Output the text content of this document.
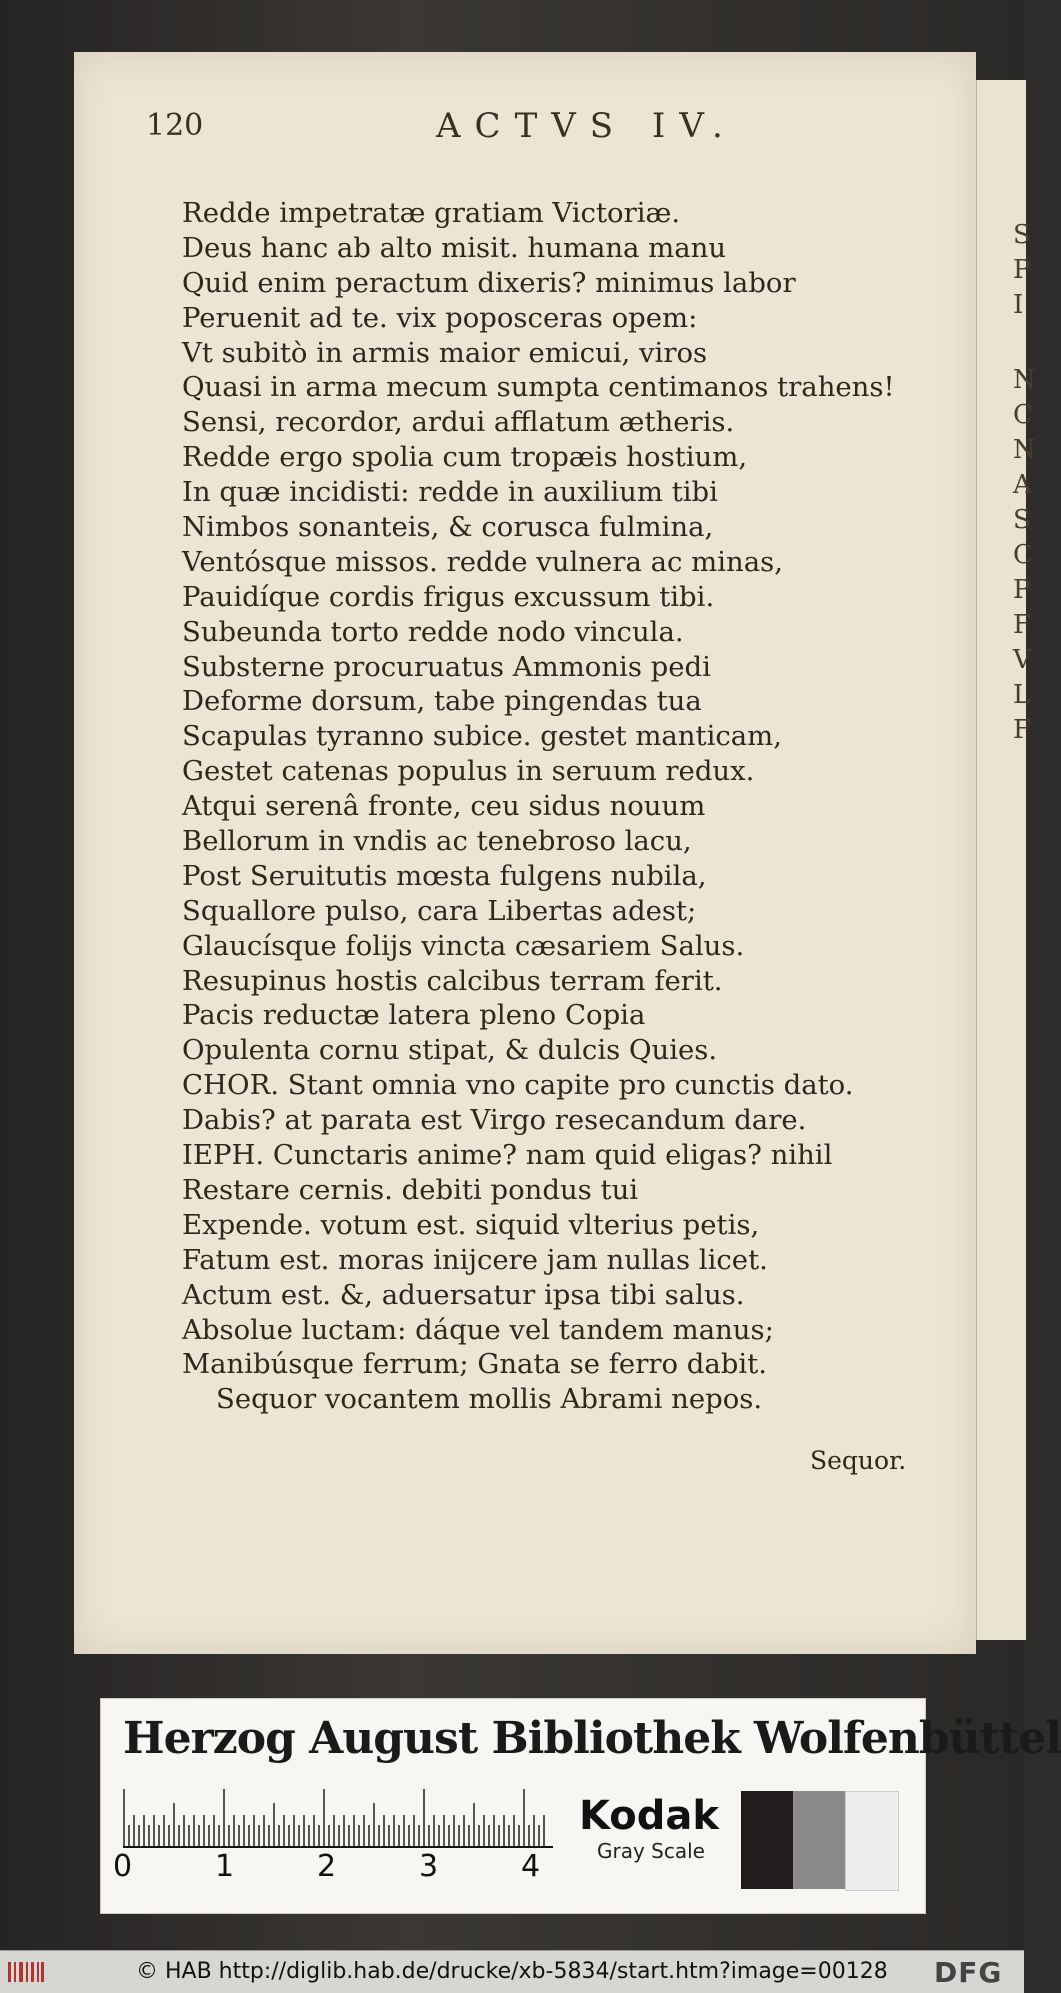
S
P
I
N
C
N
A
S
C
P
F
V
L
F
120	ACTVS IV.
Redde impetratæ gratiam Victoriæ.
Deus hanc ab alto misit. humana manu
Quid enim peractum dixeris? minimus labor
Peruenit ad te. vix poposceras opem:
Vt subitò in armis maior emicui, viros
Quasi in arma mecum sumpta centimanos trahens!
Sensi, recordor, ardui afflatum ætheris.
Redde ergo spolia cum tropæis hostium,
In quæ incidisti: redde in auxilium tibi
Nimbos sonanteis, & corusca fulmina,
Ventósque missos. redde vulnera ac minas,
Pauidíque cordis frigus excussum tibi.
Subeunda torto redde nodo vincula.
Substerne procuruatus Ammonis pedi
Deforme dorsum, tabe pingendas tua
Scapulas tyranno subice. gestet manticam,
Gestet catenas populus in seruum redux.
Atqui serenâ fronte, ceu sidus nouum
Bellorum in vndis ac tenebroso lacu,
Post Seruitutis mœsta fulgens nubila,
Squallore pulso, cara Libertas adest;
Glaucísque folijs vincta cæsariem Salus.
Resupinus hostis calcibus terram ferit.
Pacis reductæ latera pleno Copia
Opulenta cornu stipat, & dulcis Quies.
CHOR. Stant omnia vno capite pro cunctis dato.
Dabis? at parata est Virgo resecandum dare.
IEPH. Cunctaris anime? nam quid eligas? nihil
Restare cernis. debiti pondus tui
Expende. votum est. siquid vlterius petis,
Fatum est. moras inijcere jam nullas licet.
Actum est. &, aduersatur ipsa tibi salus.
Absolue luctam: dáque vel tandem manus;
Manibúsque ferrum; Gnata se ferro dabit.
Sequor vocantem mollis Abrami nepos.
Sequor.
Herzog August Bibliothek Wolfenbüttel
0	1	2	3	4
Kodak
Gray Scale
© HAB http://diglib.hab.de/drucke/xb-5834/start.htm?image=00128 DFG
